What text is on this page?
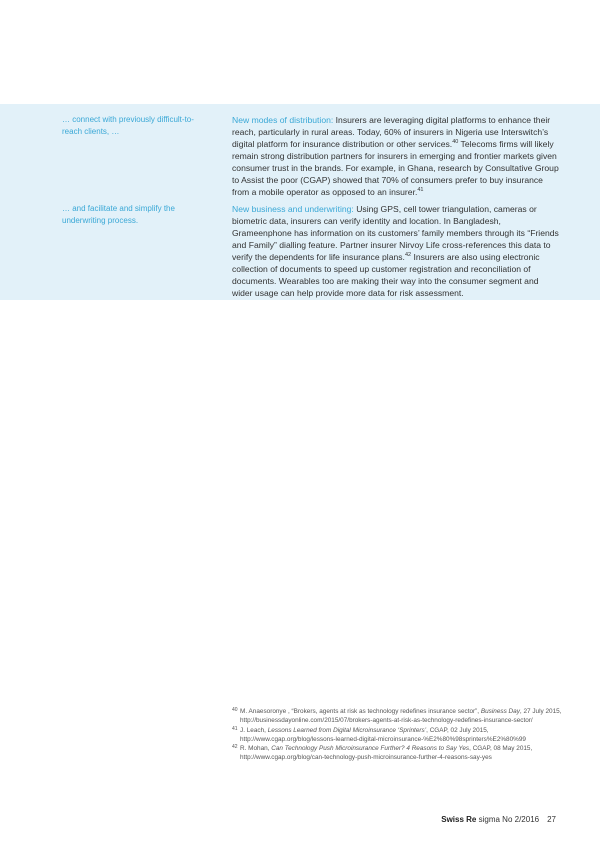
… connect with previously difficult-to-reach clients, …
New modes of distribution: Insurers are leveraging digital platforms to enhance their reach, particularly in rural areas. Today, 60% of insurers in Nigeria use Interswitch’s digital platform for insurance distribution or other services.$^{40}$ Telecoms firms will likely remain strong distribution partners for insurers in emerging and frontier markets given consumer trust in the brands. For example, in Ghana, research by Consultative Group to Assist the poor (CGAP) showed that 70% of consumers prefer to buy insurance from a mobile operator as opposed to an insurer.$^{41}$
… and facilitate and simplify the underwriting process.
New business and underwriting: Using GPS, cell tower triangulation, cameras or biometric data, insurers can verify identity and location. In Bangladesh, Grameenphone has information on its customers’ family members through its “Friends and Family” dialling feature. Partner insurer Nirvoy Life cross-references this data to verify the dependents for life insurance plans.$^{42}$ Insurers are also using electronic collection of documents to speed up customer registration and reconciliation of documents. Wearables too are making their way into the consumer segment and wider usage can help provide more data for risk assessment.
40 M. Anaesoronye , “Brokers, agents at risk as technology redefines insurance sector”, Business Day, 27 July 2015, http://businessdayonline.com/2015/07/brokers-agents-at-risk-as-technology-redefines-insurance-sector/
41 J. Leach, Lessons Learned from Digital Microinsurance ‘Sprinters’, CGAP, 02 July 2015, http://www.cgap.org/blog/lessons-learned-digital-microinsurance-%E2%80%98sprinters%E2%80%99
42 R. Mohan, Can Technology Push Microinsurance Further? 4 Reasons to Say Yes, CGAP, 08 May 2015, http://www.cgap.org/blog/can-technology-push-microinsurance-further-4-reasons-say-yes
Swiss Re sigma No 2/2016 27
